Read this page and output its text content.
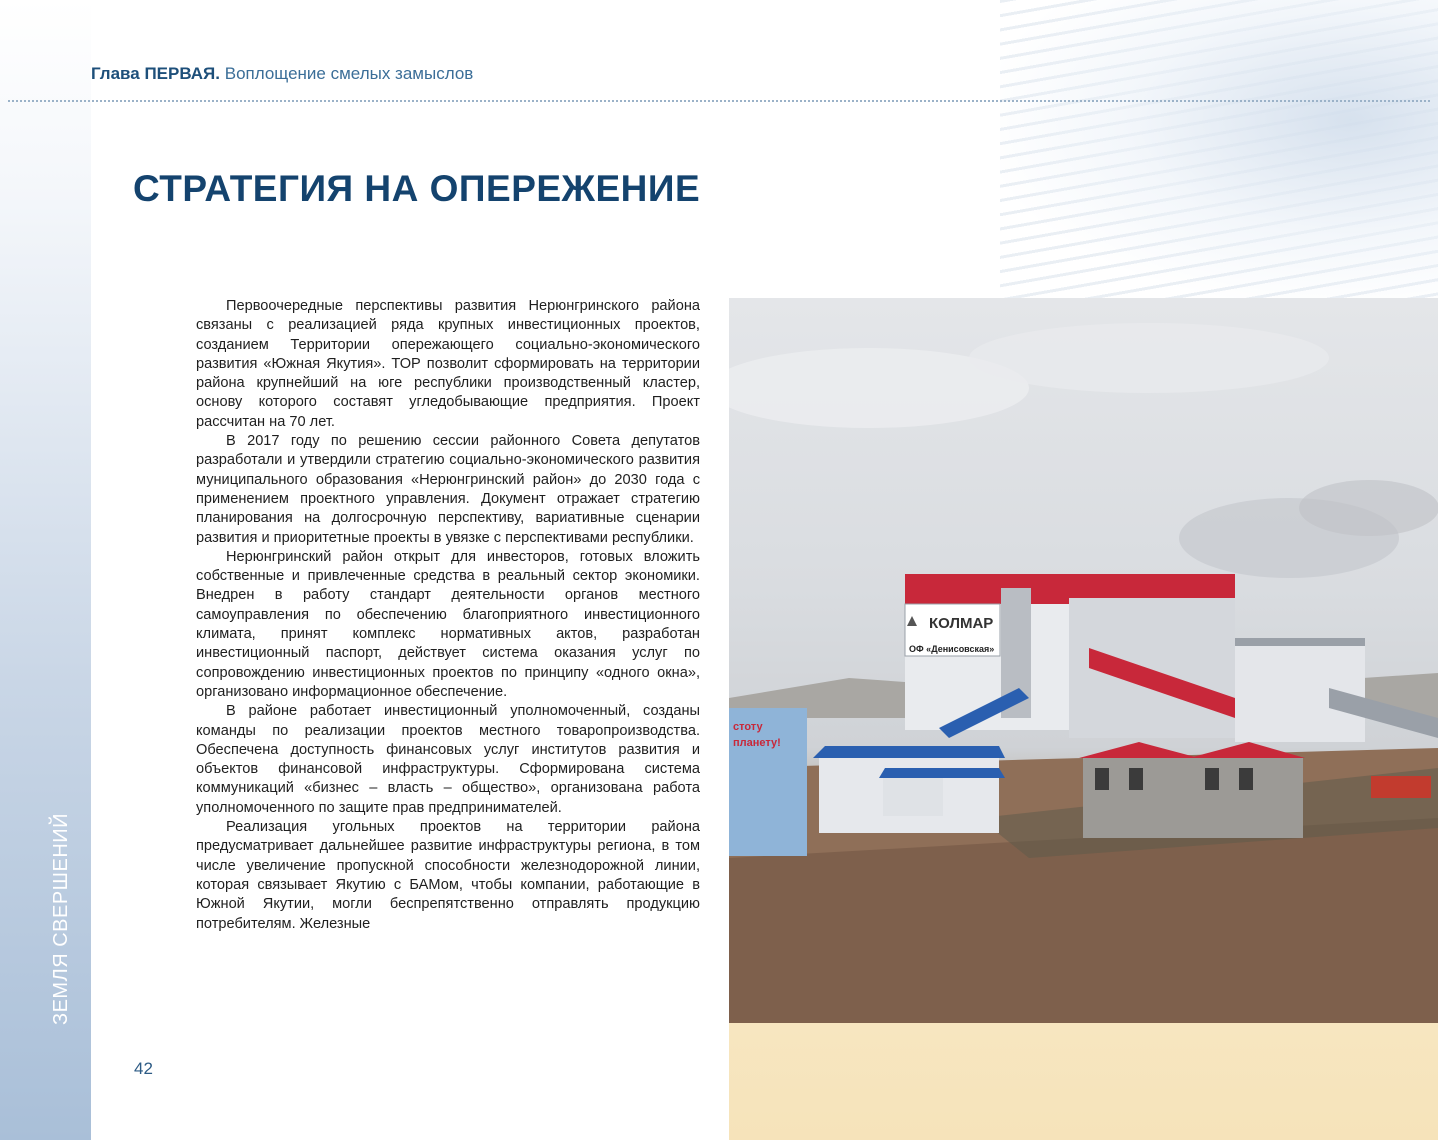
ЗЕМЛЯ СВЕРШЕНИЙ
Глава ПЕРВАЯ. Воплощение смелых замыслов
СТРАТЕГИЯ НА ОПЕРЕЖЕНИЕ

Первоочередные перспективы развития Нерюнгринского района связаны с реализацией ряда крупных инвестиционных проектов, созданием Территории опережающего социально-экономического развития «Южная Якутия». ТОР позволит сформировать на территории района крупнейший на юге республики производственный кластер, основу которого составят угледобывающие предприятия. Проект рассчитан на 70 лет.

В 2017 году по решению сессии районного Совета депутатов разработали и утвердили стратегию социально-экономического развития муниципального образования «Нерюнгринский район» до 2030 года с применением проектного управления. Документ отражает стратегию планирования на долгосрочную перспективу, вариативные сценарии развития и приоритетные проекты в увязке с перспективами республики.

Нерюнгринский район открыт для инвесторов, готовых вложить собственные и привлеченные средства в реальный сектор экономики. Внедрен в работу стандарт деятельности органов местного самоуправления по обеспечению благоприятного инвестиционного климата, принят комплекс нормативных актов, разработан инвестиционный паспорт, действует система оказания услуг по сопровождению инвестиционных проектов по принципу «одного окна», организовано информационное обеспечение.

В районе работает инвестиционный уполномоченный, созданы команды по реализации проектов местного товаропроизводства. Обеспечена доступность финансовых услуг институтов развития и объектов финансовой инфраструктуры. Сформирована система коммуникаций «бизнес – власть – общество», организована работа уполномоченного по защите прав предпринимателей.

Реализация угольных проектов на территории района предусматривает дальнейшее развитие инфраструктуры региона, в том числе увеличение пропускной способности железнодорожной линии, которая связывает Якутию с БАМом, чтобы компании, работающие в Южной Якутии, могли беспрепятственно отправлять продукцию потребителям. Железные

42
КОЛМАР
ОФ «Денисовская»
стоту
планету!
